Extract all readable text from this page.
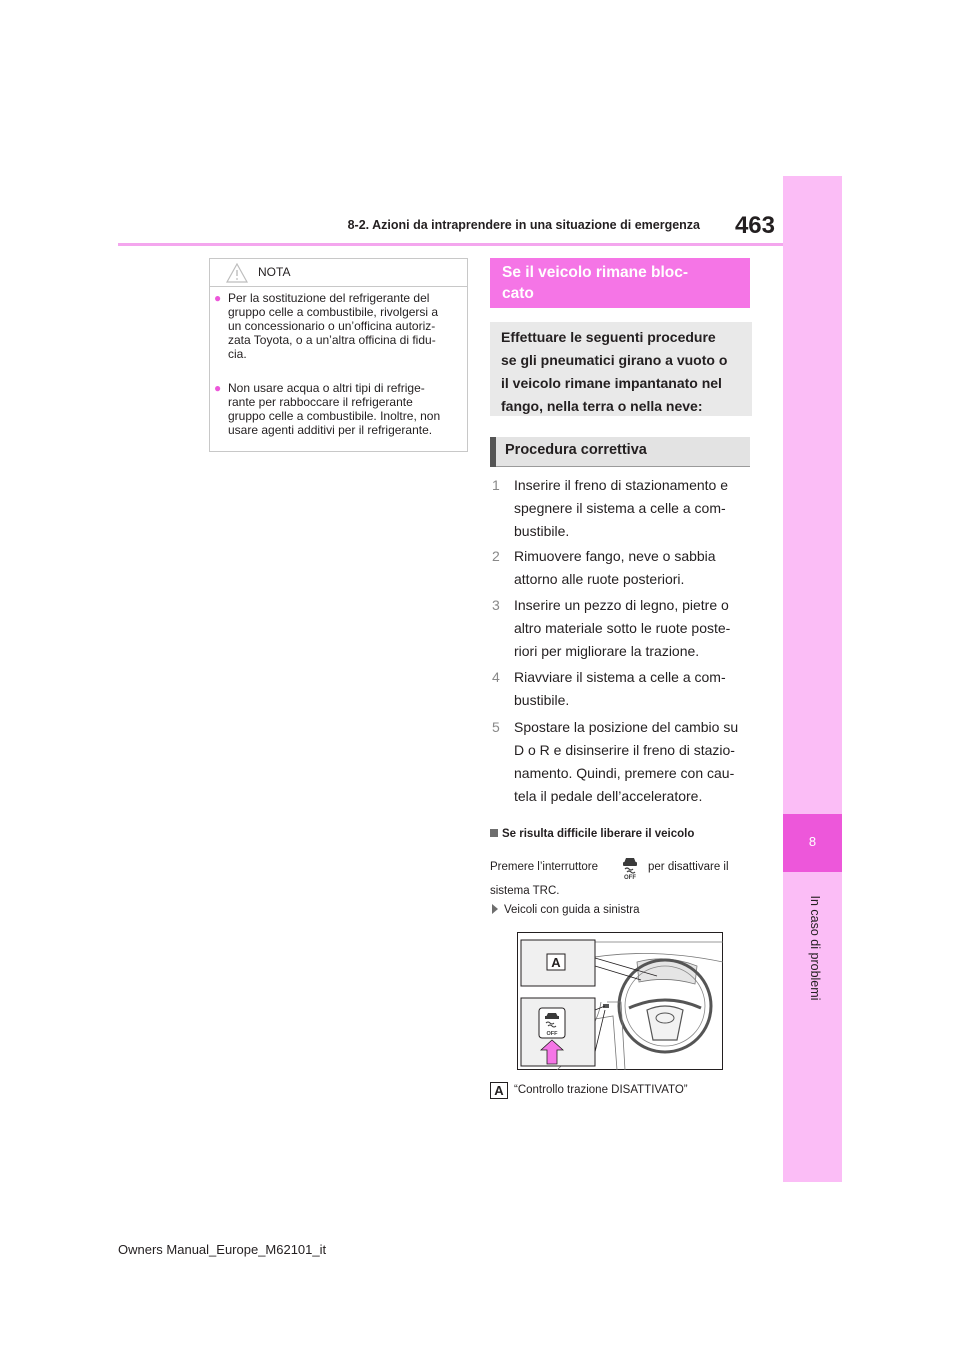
8-2. Azioni da intraprendere in una situazione di emergenza	463
8
In caso di problemi
NOTA
● Per la sostituzione del refrigerante del
gruppo celle a combustibile, rivolgersi a
un concessionario o un’officina autoriz-
zata Toyota, o a un’altra officina di fidu-
cia.
● Non usare acqua o altri tipi di refrige-
rante per rabboccare il refrigerante
gruppo celle a combustibile. Inoltre, non
usare agenti additivi per il refrigerante.
Se il veicolo rimane bloc-
cato
Effettuare le seguenti procedure
se gli pneumatici girano a vuoto o
il veicolo rimane impantanato nel
fango, nella terra o nella neve:
Procedura correttiva
1 Inserire il freno di stazionamento e
spegnere il sistema a celle a com-
bustibile.
2 Rimuovere fango, neve o sabbia
attorno alle ruote posteriori.
3 Inserire un pezzo di legno, pietre o
altro materiale sotto le ruote poste-
riori per migliorare la trazione.
4 Riavviare il sistema a celle a com-
bustibile.
5 Spostare la posizione del cambio su
D o R e disinserire il freno di stazio-
namento. Quindi, premere con cau-
tela il pedale dell’acceleratore.
Se risulta difficile liberare il veicolo
Premere l’interruttore
OFF
per disattivare il
sistema TRC.
Veicoli con guida a sinistra
A
OFF
A “Controllo trazione DISATTIVATO”
Owners Manual_Europe_M62101_it
